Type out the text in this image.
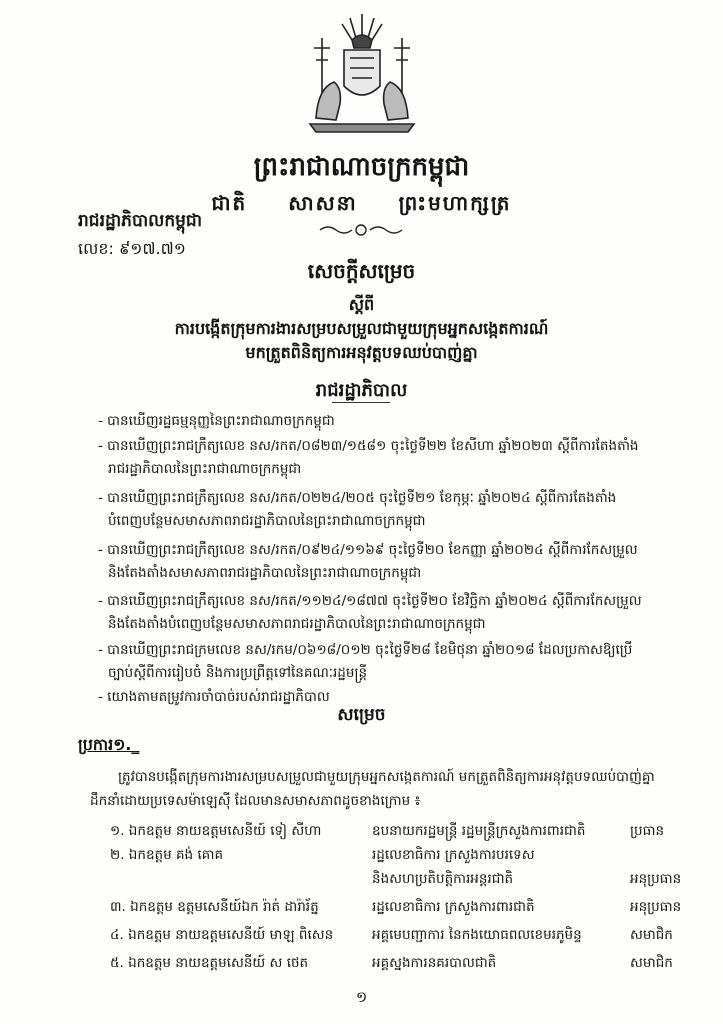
ព្រះរាជាណាចក្រកម្ពុជា
ជាតិ សាសនា ព្រះមហាក្សត្រ
រាជរដ្ឋាភិបាលកម្ពុជា
លេខ: ៩១៧.៧១
សេចក្ដីសម្រេច
ស្ដីពី
ការបង្កើតក្រុមការងារសម្របសម្រួលជាមួយក្រុមអ្នកសង្កេតការណ៍
មកត្រួតពិនិត្យការអនុវត្តបទឈប់បាញ់គ្នា
រាជរដ្ឋាភិបាល
- បានឃើញរដ្ឋធម្មនុញ្ញនៃព្រះរាជាណាចក្រកម្ពុជា
- បានឃើញព្រះរាជក្រឹត្យលេខ នស/រកត/០៨២៣/១៥៨១ ចុះថ្ងៃទី២២ ខែសីហា ឆ្នាំ២០២៣ ស្ដីពីការតែងតាំង
រាជរដ្ឋាភិបាលនៃព្រះរាជាណាចក្រកម្ពុជា
- បានឃើញព្រះរាជក្រឹត្យលេខ នស/រកត/០២២៤/២០៥ ចុះថ្ងៃទី២១ ខែកុម្ភៈ ឆ្នាំ២០២៤ ស្ដីពីការតែងតាំង
បំពេញបន្ថែមសមាសភាពរាជរដ្ឋាភិបាលនៃព្រះរាជាណាចក្រកម្ពុជា
- បានឃើញព្រះរាជក្រឹត្យលេខ នស/រកត/០៩២៤/១១៦៩ ចុះថ្ងៃទី២០ ខែកញ្ញា ឆ្នាំ២០២៤ ស្ដីពីការកែសម្រួល
និងតែងតាំងសមាសភាពរាជរដ្ឋាភិបាលនៃព្រះរាជាណាចក្រកម្ពុជា
- បានឃើញព្រះរាជក្រឹត្យលេខ នស/រកត/១១២៤/១៨៧៧ ចុះថ្ងៃទី២០ ខែវិច្ឆិកា ឆ្នាំ២០២៤ ស្ដីពីការកែសម្រួល
និងតែងតាំងបំពេញបន្ថែមសមាសភាពរាជរដ្ឋាភិបាលនៃព្រះរាជាណាចក្រកម្ពុជា
- បានឃើញព្រះរាជក្រមលេខ នស/រកម/០៦១៨/០១២ ចុះថ្ងៃទី២៨ ខែមិថុនា ឆ្នាំ២០១៨ ដែលប្រកាសឱ្យប្រើ
ច្បាប់ស្ដីពីការរៀបចំ និងការប្រព្រឹត្តទៅនៃគណៈរដ្ឋមន្ត្រី
- យោងតាមតម្រូវការចាំបាច់របស់រាជរដ្ឋាភិបាល
សម្រេច
ប្រការ១._
ត្រូវបានបង្កើតក្រុមការងារសម្របសម្រួលជាមួយក្រុមអ្នកសង្កេតការណ៍ មកត្រួតពិនិត្យការអនុវត្តបទឈប់បាញ់គ្នា
ដឹកនាំដោយប្រទេសម៉ាឡេស៊ី ដែលមានសមាសភាពដូចខាងក្រោម ៖
១. ឯកឧត្ដម នាយឧត្ដមសេនីយ៍ ទៀ សីហា	ឧបនាយករដ្ឋមន្ត្រី រដ្ឋមន្ត្រីក្រសួងការពារជាតិ	ប្រធាន
២. ឯកឧត្ដម គង់ គោគ	រដ្ឋលេខាធិការ ក្រសួងការបរទេស
និងសហប្រតិបត្តិការអន្តរជាតិ	អនុប្រធាន
៣. ឯកឧត្ដម ឧត្ដមសេនីយ៍ឯក រ៉ាត់ ដារ៉ារ័ត្ន	រដ្ឋលេខាធិការ ក្រសួងការពារជាតិ	អនុប្រធាន
៤. ឯកឧត្ដម នាយឧត្ដមសេនីយ៍ មាឡ ពិសេន	អគ្គមេបញ្ជាការ នៃកងយោធពលខេមរភូមិន្ទ	សមាជិក
៥. ឯកឧត្ដម នាយឧត្ដមសេនីយ៍ ស ថេត	អគ្គស្នងការនគរបាលជាតិ	សមាជិក
១
